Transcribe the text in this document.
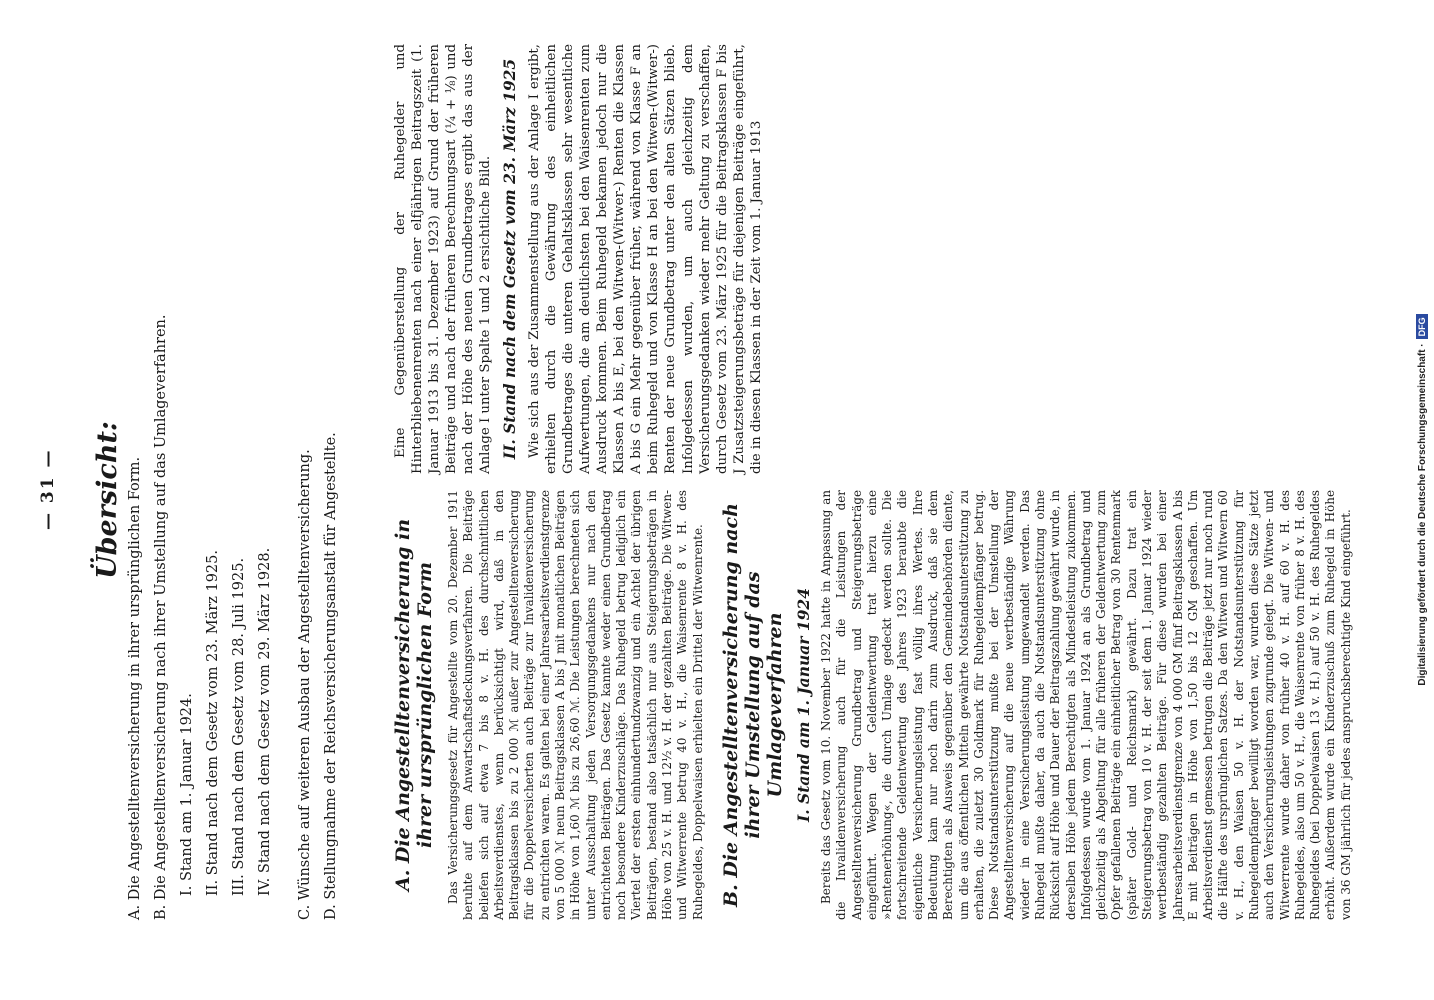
— 31 — Übersicht: A. Die Angestelltenversicherung in ihrer ursprünglichen Form. B. Die Angestelltenversicherung nach ihrer Umstellung auf das Umlageverfahren. I. Stand am 1. Januar 1924. II. Stand nach dem Gesetz vom 23. März 1925. III. Stand nach dem Gesetz vom 28. Juli 1925. IV. Stand nach dem Gesetz vom 29. März 1928.	C. Wünsche auf weiteren Ausbau der Angestelltenversicherung. D. Stellungnahme der Reichsversicherungsanstalt für Angestellte.	A. Die Angestelltenversicherung in ihrer ursprünglichen Form Das Versicherungsgesetz für Angestellte vom 20. Dezember 1911 beruhte auf dem Anwartschaftsdeckungsverfahren. Die Beiträge beliefen sich auf etwa 7 bis 8 v. H. des durchschnittlichen Arbeitsverdienstes, wenn berücksichtigt wird, daß in den Beitragsklassen bis zu 2 000 ℳ außer zur Angestelltenversicherung für die Doppelversicherten auch Beiträge zur Invalidenversicherung zu entrichten waren. Es galten bei einer Jahresarbeitsverdienstgrenze von 5 000 ℳ neun Beitragsklassen A bis J mit monatlichen Beiträgen in Höhe von 1,60 ℳ bis zu 26,60 ℳ. Die Leistungen berechneten sich unter Ausschaltung jeden Versorgungsgedankens nur nach den entrichteten Beiträgen. Das Gesetz kannte weder einen Grundbetrag noch besondere Kinderzuschläge. Das Ruhegeld betrug lediglich ein Viertel der ersten einhundertundzwanzig und ein Achtel der übrigen Beiträgen, bestand also tatsächlich nur aus Steigerungsbeträgen in Höhe von 25 v. H. und 12½ v. H. der gezahlten Beiträge. Die Witwen- und Witwerrente betrug 40 v. H., die Waisenrente 8 v. H. des Ruhegeldes, Doppelwaisen erhielten ein Drittel der Witwenrente. B. Die Angestelltenversicherung nach ihrer Umstellung auf das Umlageverfahren I. Stand am 1. Januar 1924 Bereits das Gesetz vom 10. November 1922 hatte in Anpassung an die Invalidenversicherung auch für die Leistungen der Angestelltenversicherung Grundbetrag und Steigerungsbeträge eingeführt. Wegen der Geldentwertung trat hierzu eine »Rentenerhöhung«, die durch Umlage gedeckt werden sollte. Die fortschreitende Geldentwertung des Jahres 1923 beraubte die eigentliche Versicherungsleistung fast völlig ihres Wertes. Ihre Bedeutung kam nur noch darin zum Ausdruck, daß sie dem Berechtigten als Ausweis gegenüber den Gemeindebehörden diente, um die aus öffentlichen Mitteln gewährte Notstandsunterstützung zu erhalten, die zuletzt 30 Goldmark für Ruhegeldempfänger betrug. Diese Notstandsunterstützung mußte bei der Umstellung der Angestelltenversicherung auf die neue wertbeständige Währung wieder in eine Versicherungsleistung umgewandelt werden. Das Ruhegeld mußte daher, da auch die Notstandsunterstützung ohne Rücksicht auf Höhe und Dauer der Beitragszahlung gewährt wurde, in derselben Höhe jedem Berechtigten als Mindestleistung zukommen. Infolgedessen wurde vom 1. Januar 1924 an als Grundbetrag und gleichzeitig als Abgeltung für alle früheren der Geldentwertung zum Opfer gefallenen Beiträge ein einheitlicher Betrag von 30 Rentenmark (später Gold- und Reichsmark) gewährt. Dazu trat ein Steigerungsbetrag von 10 v. H. der seit dem 1. Januar 1924 wieder wertbeständig gezahlten Beiträge. Für diese wurden bei einer Jahresarbeitsverdienstgrenze von 4 000 GM fünf Beitragsklassen A bis E mit Beiträgen in Höhe von 1,50 bis 12 GM geschaffen. Um Arbeitsverdienst gemessen betrugen die Beiträge jetzt nur noch rund die Hälfte des ursprünglichen Satzes. Da den Witwen und Witwern 60 v. H., den Waisen 50 v. H. der Notstandsunterstützung für Ruhegeldempfänger bewilligt worden war, wurden diese Sätze jetzt auch den Versicherungsleistungen zugrunde gelegt. Die Witwen- und Witwerrente wurde daher von früher 40 v. H. auf 60 v. H. des Ruhegeldes, also um 50 v. H., die Waisenrente von früher 8 v. H. des Ruhegeldes (bei Doppelwaisen 13 v. H.) auf 50 v. H. des Ruhegeldes erhöht. Außerdem wurde ein Kinderzuschuß zum Ruhegeld in Höhe von 36 GM jährlich für jedes anspruchsberechtigte Kind eingeführt.

Eine Gegenüberstellung der Ruhegelder und Hinterbliebenenrenten nach einer elfjährigen Beitragszeit (1. Januar 1913 bis 31. Dezember 1923) auf Grund der früheren Beiträge und nach der früheren Berechnungsart (¼ + ⅛) und nach der Höhe des neuen Grundbetrages ergibt das aus der Anlage I unter Spalte 1 und 2 ersichtliche Bild. II. Stand nach dem Gesetz vom 23. März 1925 Wie sich aus der Zusammenstellung aus der Anlage I ergibt, erhielten durch die Gewährung des einheitlichen Grundbetrages die unteren Gehaltsklassen sehr wesentliche Aufwertungen, die am deutlichsten bei den Waisenrenten zum Ausdruck kommen. Beim Ruhegeld bekamen jedoch nur die Klassen A bis E, bei den Witwen-(Witwer-) Renten die Klassen A bis G ein Mehr gegenüber früher, während von Klasse F an beim Ruhegeld und von Klasse H an bei den Witwen-(Witwer-) Renten der neue Grundbetrag unter den alten Sätzen blieb. Infolgedessen wurden, um auch gleichzeitig dem Versicherungsgedanken wieder mehr Geltung zu verschaffen, durch Gesetz vom 23. März 1925 für die Beitragsklassen F bis J Zusatzsteigerungsbeträge für diejenigen Beiträge eingeführt, die in diesen Klassen in der Zeit vom 1. Januar 1913

Digitalisierung gefördert durch die Deutsche Forschungsgemeinschaft ·DFG
